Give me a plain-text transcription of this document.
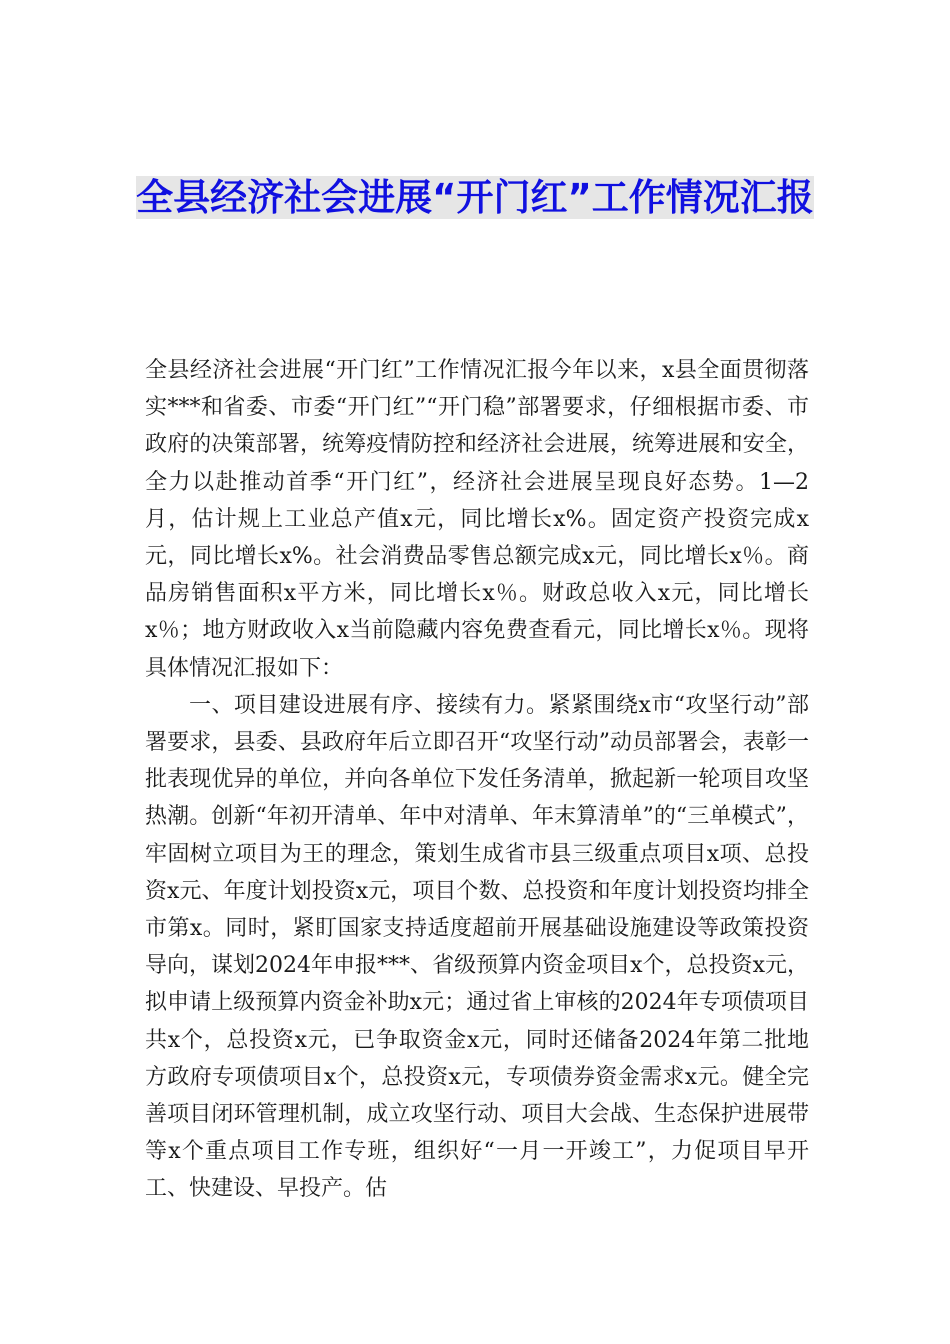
全县经济社会进展“开门红”工作情况汇报

全县经济社会进展“开门红”工作情况汇报今年以来，x县全面贯彻落实***和省委、市委“开门红”“开门稳”部署要求，仔细根据市委、市政府的决策部署，统筹疫情防控和经济社会进展，统筹进展和安全，全力以赴推动首季“开门红”，经济社会进展呈现良好态势。1—2月，估计规上工业总产值x元，同比增长x%。固定资产投资完成x元，同比增长x%。社会消费品零售总额完成x元，同比增长x％。商品房销售面积x平方米，同比增长x％。财政总收入x元，同比增长x％；地方财政收入x当前隐藏内容免费查看元，同比增长x％。现将具体情况汇报如下：

一、项目建设进展有序、接续有力。紧紧围绕x市“攻坚行动”部署要求，县委、县政府年后立即召开“攻坚行动”动员部署会，表彰一批表现优异的单位，并向各单位下发任务清单，掀起新一轮项目攻坚热潮。创新“年初开清单、年中对清单、年末算清单”的“三单模式”，牢固树立项目为王的理念，策划生成省市县三级重点项目x项、总投资x元、年度计划投资x元，项目个数、总投资和年度计划投资均排全市第x。同时，紧盯国家支持适度超前开展基础设施建设等政策投资导向，谋划2024年申报***、省级预算内资金项目x个，总投资x元，拟申请上级预算内资金补助x元；通过省上审核的2024年专项债项目共x个，总投资x元，已争取资金x元，同时还储备2024年第二批地方政府专项债项目x个，总投资x元，专项债券资金需求x元。健全完善项目闭环管理机制，成立攻坚行动、项目大会战、生态保护进展带等x个重点项目工作专班，组织好“一月一开竣工”，力促项目早开工、快建设、早投产。估
